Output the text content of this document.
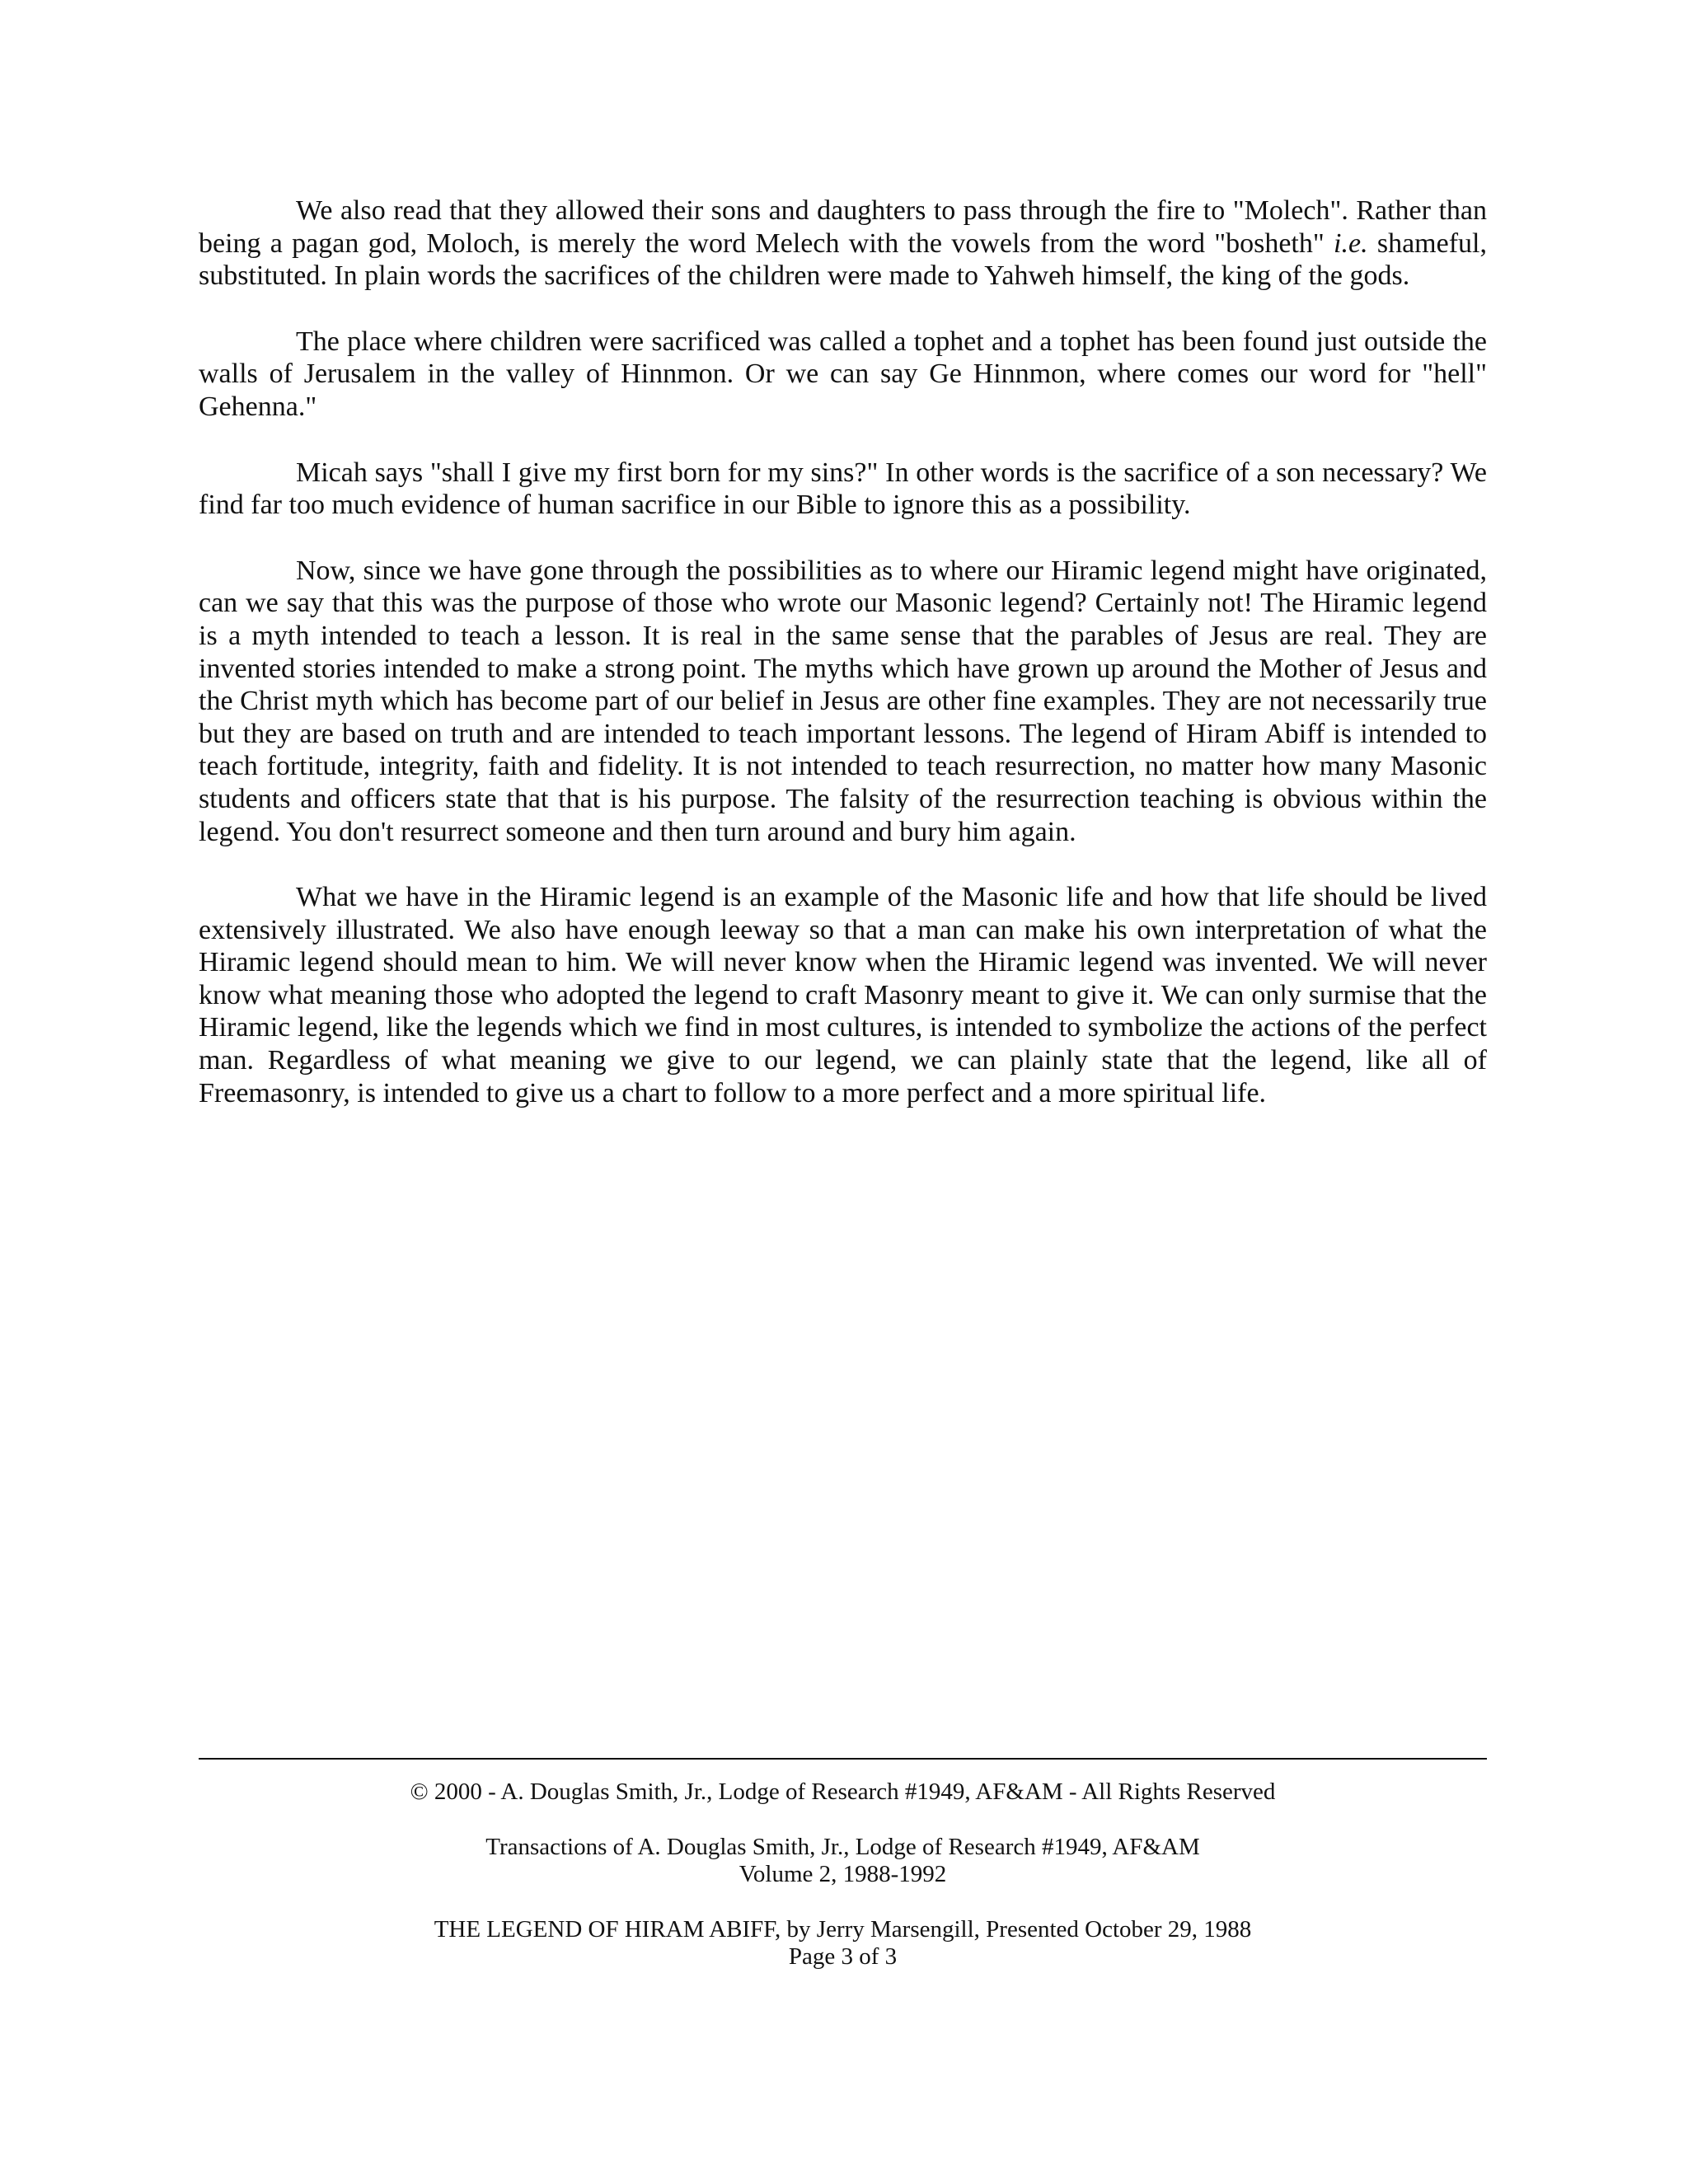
We also read that they allowed their sons and daughters to pass through the fire to "Molech". Rather than being a pagan god, Moloch, is merely the word Melech with the vowels from the word "bosheth" i.e. shameful, substituted. In plain words the sacrifices of the children were made to Yahweh himself, the king of the gods.

The place where children were sacrificed was called a tophet and a tophet has been found just outside the walls of Jerusalem in the valley of Hinnmon. Or we can say Ge Hinnmon, where comes our word for "hell" Gehenna."

Micah says "shall I give my first born for my sins?" In other words is the sacrifice of a son necessary? We find far too much evidence of human sacrifice in our Bible to ignore this as a possibility.

Now, since we have gone through the possibilities as to where our Hiramic legend might have originated, can we say that this was the purpose of those who wrote our Masonic legend? Certainly not! The Hiramic legend is a myth intended to teach a lesson. It is real in the same sense that the parables of Jesus are real. They are invented stories intended to make a strong point. The myths which have grown up around the Mother of Jesus and the Christ myth which has become part of our belief in Jesus are other fine examples. They are not necessarily true but they are based on truth and are intended to teach important lessons. The legend of Hiram Abiff is intended to teach fortitude, integrity, faith and fidelity. It is not intended to teach resurrection, no matter how many Masonic students and officers state that that is his purpose. The falsity of the resurrection teaching is obvious within the legend. You don't resurrect someone and then turn around and bury him again.

What we have in the Hiramic legend is an example of the Masonic life and how that life should be lived extensively illustrated. We also have enough leeway so that a man can make his own interpretation of what the Hiramic legend should mean to him. We will never know when the Hiramic legend was invented. We will never know what meaning those who adopted the legend to craft Masonry meant to give it. We can only surmise that the Hiramic legend, like the legends which we find in most cultures, is intended to symbolize the actions of the perfect man. Regardless of what meaning we give to our legend, we can plainly state that the legend, like all of Freemasonry, is intended to give us a chart to follow to a more perfect and a more spiritual life.

© 2000 - A. Douglas Smith, Jr., Lodge of Research #1949, AF&AM - All Rights Reserved

Transactions of A. Douglas Smith, Jr., Lodge of Research #1949, AF&AM
Volume 2, 1988-1992

THE LEGEND OF HIRAM ABIFF, by Jerry Marsengill, Presented October 29, 1988
Page 3 of 3
